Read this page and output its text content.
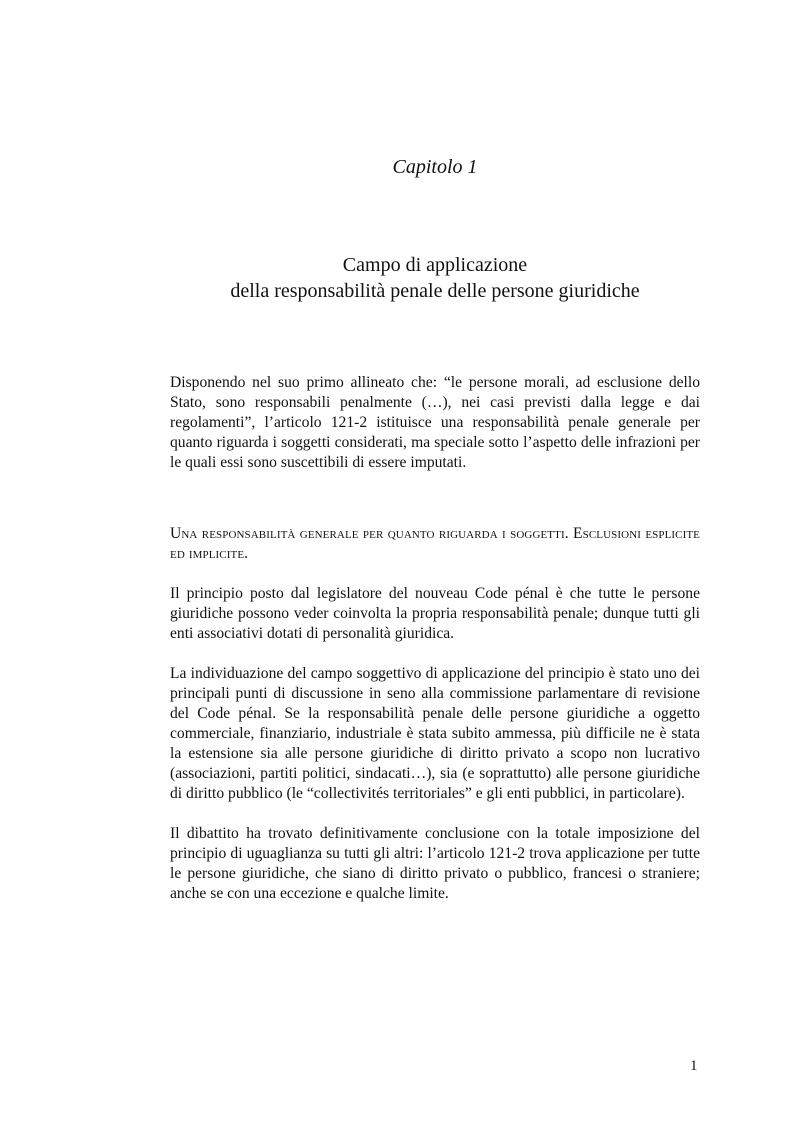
Capitolo 1
Campo di applicazione
della responsabilità penale delle persone giuridiche

Disponendo nel suo primo allineato che: “le persone morali, ad esclusione dello Stato, sono responsabili penalmente (…), nei casi previsti dalla legge e dai regolamenti”, l’articolo 121-2 istituisce una responsabilità penale generale per quanto riguarda i soggetti considerati, ma speciale sotto l’aspetto delle infrazioni per le quali essi sono suscettibili di essere imputati.

Una responsabilità generale per quanto riguarda i soggetti. Esclusioni esplicite ed implicite.

Il principio posto dal legislatore del nouveau Code pénal è che tutte le persone giuridiche possono veder coinvolta la propria responsabilità penale; dunque tutti gli enti associativi dotati di personalità giuridica.

La individuazione del campo soggettivo di applicazione del principio è stato uno dei principali punti di discussione in seno alla commissione parlamentare di revisione del Code pénal. Se la responsabilità penale delle persone giuridiche a oggetto commerciale, finanziario, industriale è stata subito ammessa, più difficile ne è stata la estensione sia alle persone giuridiche di diritto privato a scopo non lucrativo (associazioni, partiti politici, sindacati…), sia (e soprattutto) alle persone giuridiche di diritto pubblico (le “collectivités territoriales” e gli enti pubblici, in particolare).

Il dibattito ha trovato definitivamente conclusione con la totale imposizione del principio di uguaglianza su tutti gli altri: l’articolo 121-2 trova applicazione per tutte le persone giuridiche, che siano di diritto privato o pubblico, francesi o straniere; anche se con una eccezione e qualche limite.

1
